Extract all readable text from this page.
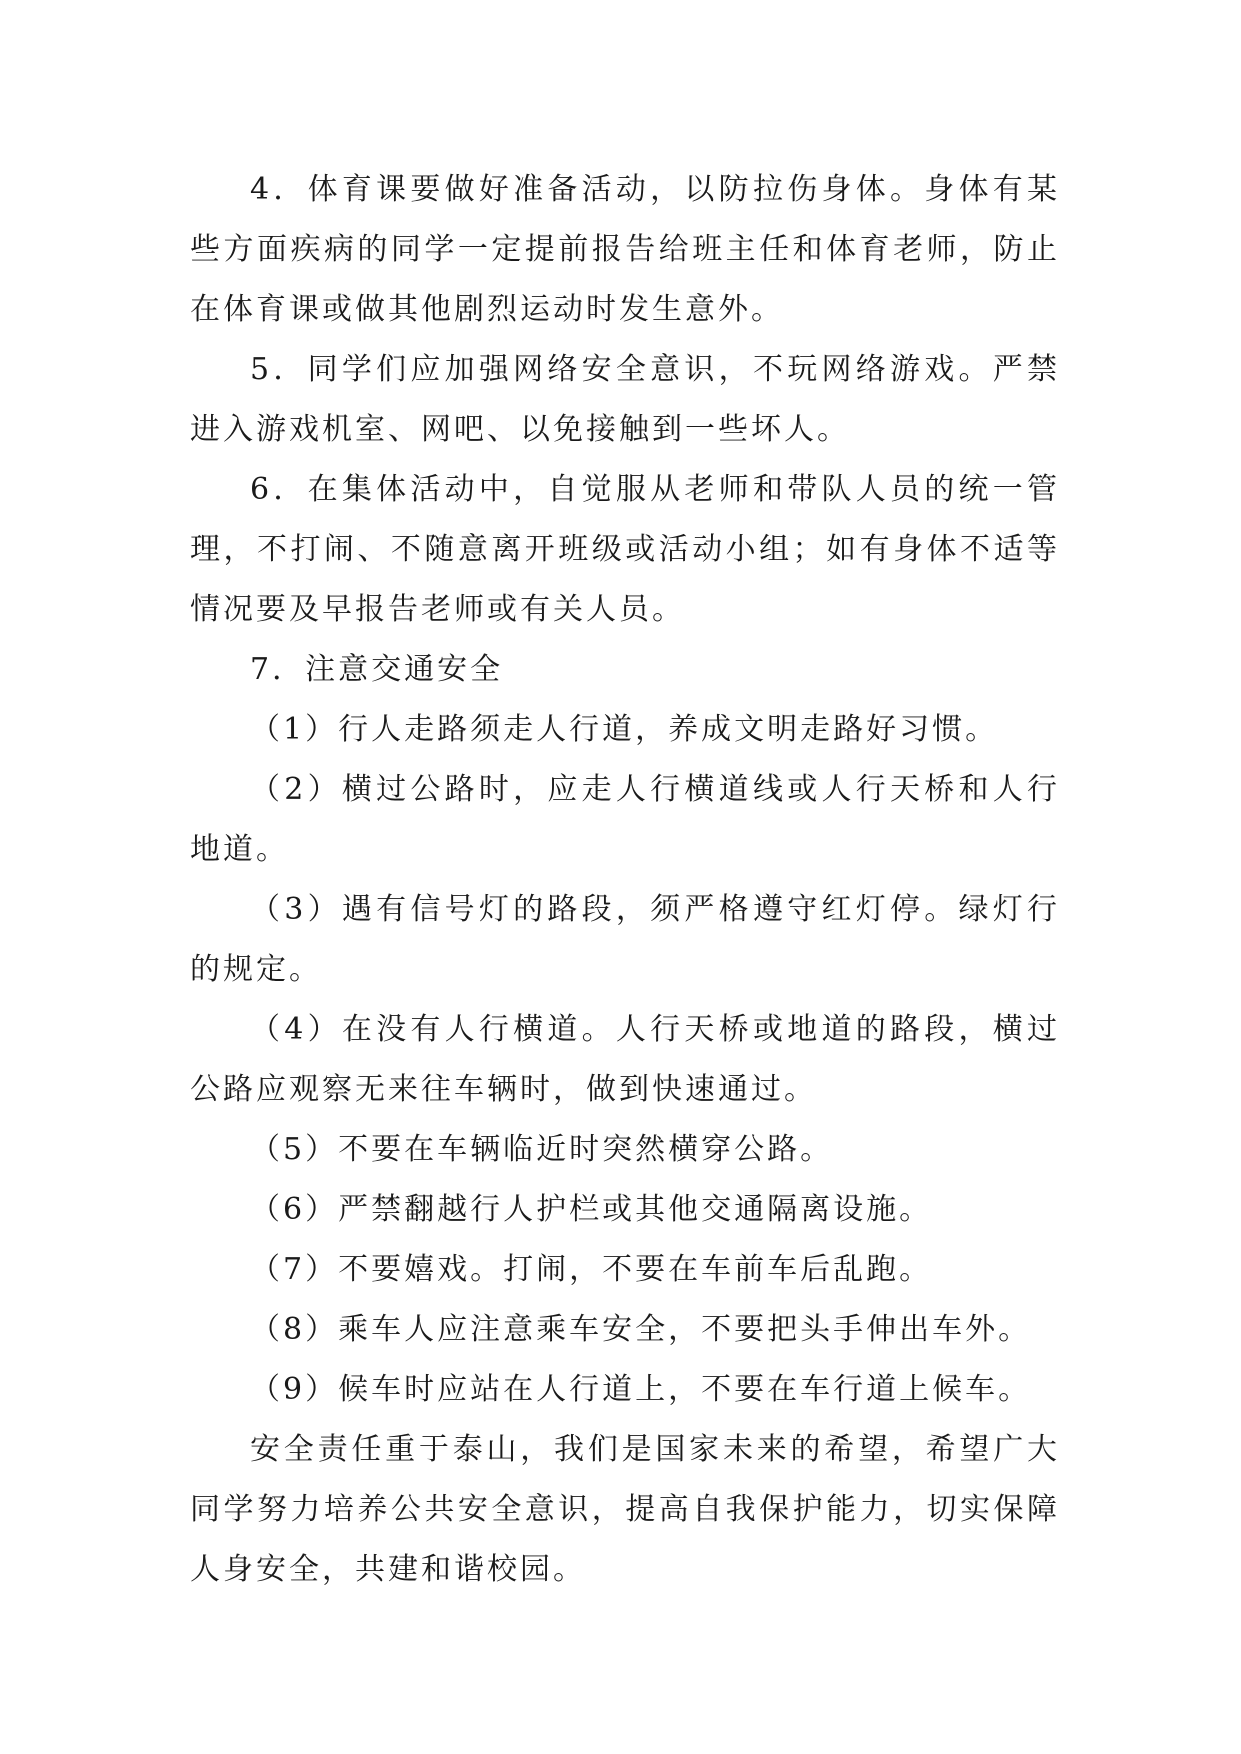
4．体育课要做好准备活动，以防拉伤身体。身体有某些方面疾病的同学一定提前报告给班主任和体育老师，防止在体育课或做其他剧烈运动时发生意外。

5．同学们应加强网络安全意识，不玩网络游戏。严禁进入游戏机室、网吧、以免接触到一些坏人。

6．在集体活动中，自觉服从老师和带队人员的统一管理，不打闹、不随意离开班级或活动小组；如有身体不适等情况要及早报告老师或有关人员。

7．注意交通安全

（1）行人走路须走人行道，养成文明走路好习惯。

（2）横过公路时，应走人行横道线或人行天桥和人行地道。

（3）遇有信号灯的路段，须严格遵守红灯停。绿灯行的规定。

（4）在没有人行横道。人行天桥或地道的路段，横过公路应观察无来往车辆时，做到快速通过。

（5）不要在车辆临近时突然横穿公路。

（6）严禁翻越行人护栏或其他交通隔离设施。

（7）不要嬉戏。打闹，不要在车前车后乱跑。

（8）乘车人应注意乘车安全，不要把头手伸出车外。

（9）候车时应站在人行道上，不要在车行道上候车。

安全责任重于泰山，我们是国家未来的希望，希望广大同学努力培养公共安全意识，提高自我保护能力，切实保障人身安全，共建和谐校园。
